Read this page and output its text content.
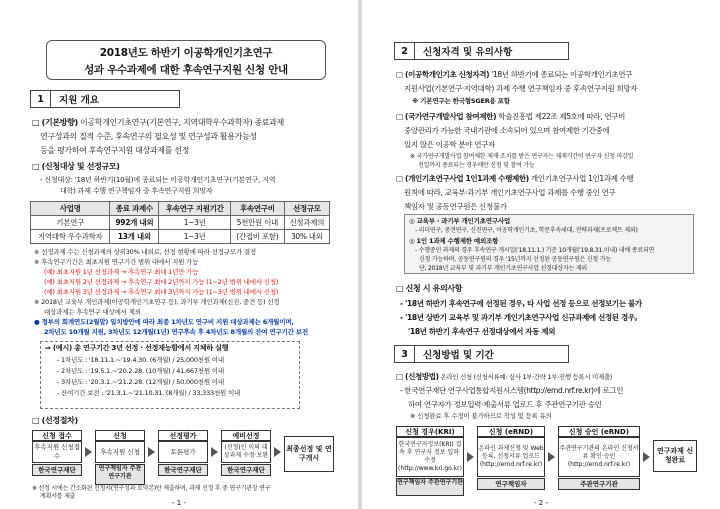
2018년도 하반기 이공학개인기초연구
성과 우수과제에 대한 후속연구지원 신청 안내
1	지원 개요
□ (기본방향) 이공학개인기초연구(기본연구, 지역대학우수과학자) 종료과제
연구성과의 질적 수준, 후속연구의 필요성 및 연구성과 활용가능성
등을 평가하여 후속연구지원 대상과제를 선정
□ (신청대상 및 선정규모)
- 신청대상: '18년 하반기(10월)에 종료되는 이공학개인기초연구(기본연구, 지역
대학) 과제 수행 연구책임자 중 후속연구지원 희망자
사업명	종료 과제수	후속연구 지원기간	후속연구비	선정규모
기본연구	992개 내외	1~3년	5천만원 이내	신청과제의
지역대학 우수과학자	13개 내외	1~3년	(간접비 포함)	30% 내외
※ 선정과제 수는 신청과제의 상위30% 내외로, 선정 현황에 따라 선정규모가 결정
※ 후속연구기간은 최초지원 연구기간 범위 내에서 지원 가능
(예) 최초지원 1년 선정과제 → 후속연구 최대 1년만 가능
(예) 최초지원 2년 선정과제 → 후속연구 최대 2년까지 가능 (1~2년 범위 내에서 신청)
(예) 최초지원 3년 선정과제 → 후속연구 최대 3년까지 가능 (1~3년 범위 내에서 신청)
※ 2018년 교육부 개인과제(이공학개인기초연구 등), 과기부 개인과제(신진, 중견 등) 선정
대상과제는 후속연구 대상에서 제외
● 정부의 회계연도(2월말) 일치방안에 따라 최종 1차년도 연구비 지원 대상과제는 6개월이며,
2차년도 10개월 지원, 3차년도 12개월(1년) 연구후속 후 4차년도 8개월의 잔여 연구기간 보전
⇒ (예시) 총 연구기간 3년 선정 · 선정재능함에서 지체하 실행
- 1차년도 : '18.11.1.~'19.4.30. (6개월) / 25,000천원 이내
- 2차년도 : '19.5.1.~'20.2.28. (10개월) / 41,667천원 이내
- 3차년도 : '20.3.1.~'21.2.28. (12개월) / 50,000천원 이내
- 잔여기간 보전 : '21.3.1.~'21.10.31. (8개월) / 33,333천원 이내
□ (선정절차)
신청 접수
후속지원 신청접수
한국연구재단
신청
후속지원 신청
연구책임자 주관연구기관
선정평가
토론평가
한국연구재단
예비선정
(선정)인 이의 대상과제 수정·보완
한국연구재단
최종선정 및 연구개시
※ 선정 시에는 간소화된 신청서(연구성과 요약본)만 제출하며, 과제 선정 후 중 연구기관장 연구
계획서를 제출
- 1 -
2	신청자격 및 유의사항
□ (이공학개인기초 신청자격) '18년 하반기에 종료되는 이공학개인기초연구
지원사업(기본연구·지역대학) 과제 수행 연구책임자 중 후속연구지원 희망자
※ 기본연구는 한국형SGER용 포함
□ (국가연구개발사업 참여제한) 학술진흥법 제22조 제5호에 따라, 연구비
중앙관리가 가능한 국내기관에 소속되어 있으며 참여제한 기간중에
있지 않은 이공학 분야 연구자
※ 국가연구개발사업 참여제한 제재 조치를 받은 연구자는 제재기간이 연구자 신청 마감일
전일까지 종료되는 경우에만 신청 및 참여 가능
□ (개인기초연구사업 1인1과제 수행제한) 개인기초연구사업 1인1과제 수행
원칙에 따라, 교육부·과기부 개인기초연구사업 과제를 수행 중인 연구
책임자 및 공동연구원은 신청불가
◎ 교육부 · 과기부 개인기초연구사업
- 리더연구, 중견연구, 신진연구, 이공학개인기초, 학문후속세대, 전략과제(프로젝트 제외)
◎ 1인 1과제 수행제한 예외조항
- 수행중인 과제의 경우 후속연구 개시일('18.11.1.) 기준 10개월('19.8.31.이내) 내에 종료되면
신청 가능하며, 공동연구원의 경우 '15년까지 선정된 공동연구원은 신청 가능
단, 2018년 교육부 및 과기부 개인기초연구사업 선정대상자는 제외
□ 신청 시 유의사항
- '18년 하반기 후속연구에 선정된 경우, 타 사업 선정 등으로 선정보기는 불가
- '18년 상반기 교육부 및 과기부 개인기초연구사업 신규과제에 선정된 경우,
'18년 하반기 후속연구 선정대상에서 자동 제외
3	신청방법 및 기간
□ (신청방법) 온라인 신청 (신청서류예: 심사 1부·간략 1부·진행 등록시 미제출)
- 한국연구재단 연구사업통합지원시스템(http://ernd.nrf.re.kr)에 로그인
하여 연구자가 정보입력·제출서류 업로드 후 주관연구기관 승인
※ 신청완료 후 수정이 불가하므로 작성 및 등록 유의
신청 경우(KRI)
한국연구자정보(KRI) 접속 후 연구자 정보 입력·수정 (http://www.kri.go.kr)
연구책임자 주관연구기관
신청 (eRND)
온라인 과제신청 및 Web 등록, 신청서류 업로드 (http://ernd.nrf.re.kr)
연구책임자
신청 승인 (eRND)
주관연구기관의 온라인 신청서류 확인·승인 (http://ernd.nrf.re.kr)
주관연구기관
연구과제 신청완료
- 2 -
